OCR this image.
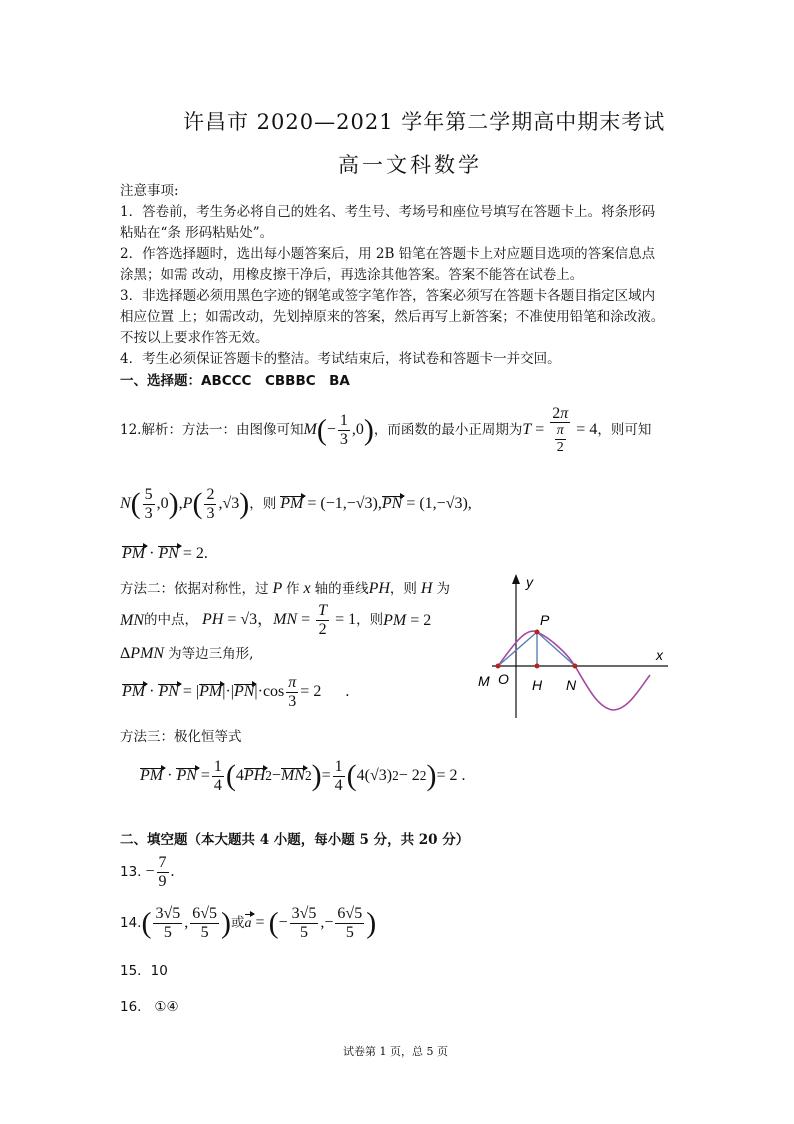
许昌市 2020—2021 学年第二学期高中期末考试
高一文科数学
注意事项:
1．答卷前，考生务必将自己的姓名、考生号、考场号和座位号填写在答题卡上。将条形码
粘贴在“条 形码粘贴处”。
2．作答选择题时，选出每小题答案后，用 2B 铅笔在答题卡上对应题目选项的答案信息点
涂黑；如需 改动，用橡皮擦干净后，再选涂其他答案。答案不能答在试卷上。
3．非选择题必须用黑色字迹的钢笔或签字笔作答，答案必须写在答题卡各题目指定区域内
相应位置 上；如需改动，先划掉原来的答案，然后再写上新答案；不准使用铅笔和涂改液。
不按以上要求作答无效。
4．考生必须保证答题卡的整洁。考试结束后，将试卷和答题卡一并交回。
一、选择题：ABCCC　CBBBC　BA
12.解析：方法一：由图像可知 $M(- \frac{1}{3} ,0)$ ，而函数的最小正周期为 $T = \frac{2\pi}{\frac{\pi}{2}} = 4$ ，则可知
$N( \frac{5}{3} ,0),P( \frac{2}{3} ,√3)$ ，则 PM = (−1,−√3),PN = (1,−√3),
PM · PN = 2.
方法二：依据对称性，过 P 作 x 轴的垂线PH，则 H 为
MN 的中点， PH = √3，MN = $\frac{T}{2} = 1$ ，则 PM = 2
ΔPMN 为等边三角形,
PM · PN = | PM |·| PN $|\cdot\cos \frac{\pi}{3} = 2$      .
方法三：极化恒等式
PM · PN = $\frac{1}{4}$ ( 4 PH 2 − MN 2 ) = $\frac{1}{4}$ ( 4(√3) 2 − 2 2 ) = 2 .
y
x
P
M O H N
二、填空题（本大题共 4 小题，每小题 5 分，共 20 分）
13. − $\frac{7}{9}$ .
14. ( $\frac{3√5}{5}$ , $\frac{6√5}{5}$ ) 或 a = (− $\frac{3√5}{5}$ ,− $\frac{6√5}{5}$ )
15．10
16. ①④
试卷第 1 页，总 5 页
